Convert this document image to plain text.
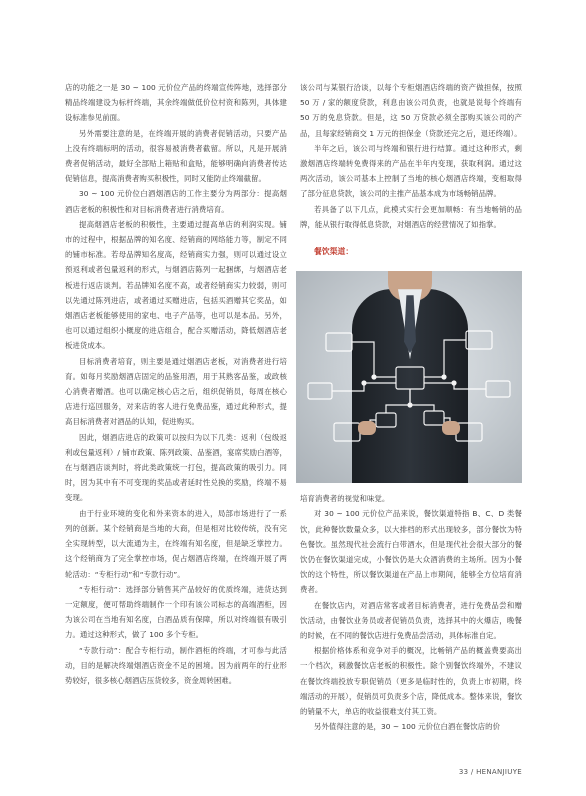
店的功能之一是 30 ~ 100 元价位产品的终端宣传阵地，选择部分精品终端建设为标杆终端，其余终端做低价位村资和陈列，具体建设标准参见前面。

另外需要注意的是，在终端开展的消费者促销活动，只要产品上没有终端标明的活动，很容易被消费者截留。所以，凡是开展消费者促销活动，最好全部贴上箱贴和盒贴，能够明确向消费者传达促销信息，提高消费者购买积极性，同时又能防止终端截留。

30 ~ 100 元价位白酒烟酒店的工作主要分为两部分：提高烟酒店老板的积极性和对目标消费者进行消费培育。

提高烟酒店老板的积极性，主要通过提高单店的利润实现。铺市的过程中，根据品牌的知名度、经销商的网络能力等，制定不同的铺市标准。若母品牌知名度高，经销商实力强，则可以通过设立预返利或者包量返利的形式，与烟酒店陈列一起捆绑，与烟酒店老板进行返店谈判。若品牌知名度不高，或者经销商实力较弱，则可以先通过陈列进店，或者通过买赠进店，包括买酒赠其它奖品，如烟酒店老板能够使用的家电、电子产品等，也可以是本品。另外，也可以通过组织小概度的进店组合，配合买赠活动，降低烟酒店老板进货成本。

目标消费者培育，则主要是通过烟酒店老板，对消费者进行培育。如每月奖励烟酒店固定的品鉴用酒，用于其熟客品鉴，或政核心消费者赠酒。也可以确定核心店之后，组织促销员，每周在核心店进行巡回服务，对来店的客人进行免费品鉴，通过此种形式，提高目标消费者对酒品的认知，促进购买。

因此，烟酒店进店的政策可以按归为以下几类：返利（包级返利或包量返利）/ 铺市政策、陈列政策、品鉴酒，宴席奖励白酒等，在与烟酒店谈判时，将此类政策统一打包，提高政策的吸引力。同时，因为其中有不可变现的奖品或者延时性兑换的奖励，终端不易变现。

由于行业环境的变化和外来资本的进入，局部市场进行了一系列的创新。某个经销商是当地的大商，但是相对比较传统，没有完全实现转型，以大流通为主，在终端有知名度，但是缺乏掌控力。这个经销商为了完全掌控市场，促占烟酒店终端，在终端开展了两轮活动：“专柜行动”和“专款行动”。

“专柜行动”：选择部分销售其产品较好的优质终端，进货达到一定额度，便可帮助终端制作一个印有该公司标志的高端酒柜，因为该公司在当地有知名度，白酒品质有保障，所以对终端很有吸引力。通过这种形式，做了 100 多个专柜。

“专款行动”：配合专柜行动，制作酒柜的终端，才可参与此活动，目的是解决终端烟酒店资金不足的困境。因为前两年的行业形势较好，很多核心烟酒店压货较多，资金周转困难。

该公司与某银行洽谈，以每个专柜烟酒店终端的资产做担保，按照 50 万 / 家的额度贷款，利息由该公司负责，也就是说每个终端有 50 万的免息贷款。但是，这 50 万贷款必须全部购买该公司的产品，且每家经销商交 1 万元的担保金（贷款还完之后，退还终端）。

半年之后，该公司与终端和银行进行结算。通过这种形式，剩激烟酒店终端转免费得来的产品在半年内变现，获取利润。通过这两次活动，该公司基本上控制了当地的核心烟酒店终端，变相取得了部分征息贷款，该公司的主推产品基本成为市场畅销品牌。

若具备了以下几点，此模式实行会更加顺畅：有当地畅销的品牌，能从银行取得低息贷款，对烟酒店的经营情况了如指掌。

餐饮渠道：

培育消费者的视觉和味觉。

对 30 ~ 100 元价位产品来说，餐饮渠道特指 B、C、D 类餐饮，此种餐饮数量众多，以大排档的形式出现较多，部分餐饮为特色餐饮。虽然现代社会流行白带酒水，但是现代社会很大部分的餐饮仍在餐饮渠道完成，小餐饮仍是大众酒消费的主场所。因为小餐饮的这个特性，所以餐饮渠道在产品上市期间，能够全方位培育消费者。

在餐饮店内，对酒店常客或者目标消费者，进行免费品尝和赠饮活动，由餐饮业务员或者促销员负责，选择其中的火爆店，晚餐的时候，在不同的餐饮店进行免费品尝活动，具体标准自定。

根据价格体系和竞争对手的概况，比畅销产品的概盖费要高出一个档次，刺激餐饮店老板的积极性。除个别餐饮终端外，不建议在餐饮终端投放专职促销员（更多是临时性的，负责上市初期，终端活动的开展），促销员可负责多个店，降低成本。整体来说，餐饮的销量不大，单店的收益很难支付其工资。

另外值得注意的是，30 ~ 100 元价位白酒在餐饮店的价

33 / HENANJIUYE
